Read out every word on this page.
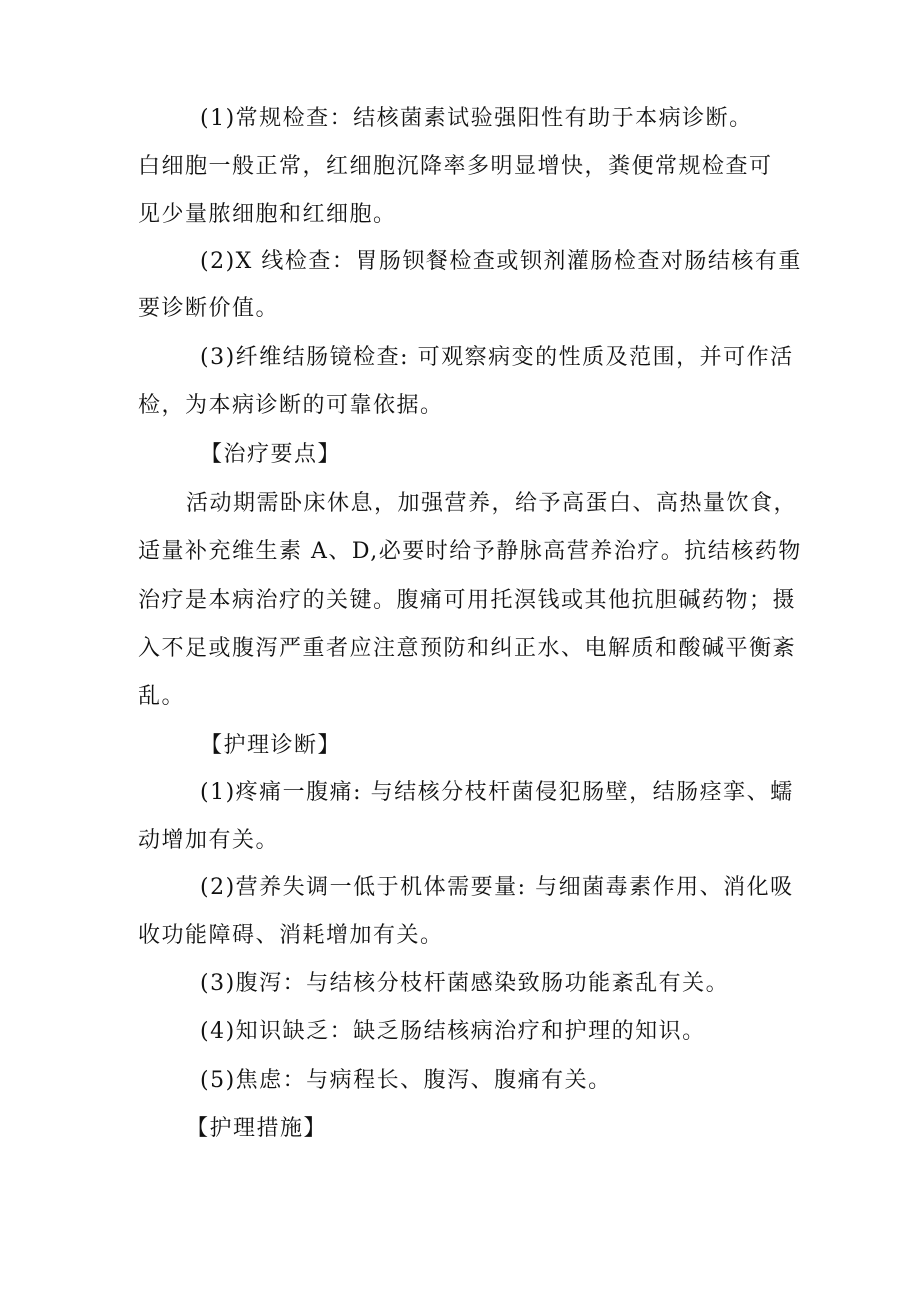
(1)常规检查：结核菌素试验强阳性有助于本病诊断。
白细胞一般正常，红细胞沉降率多明显增快，粪便常规检查可
见少量脓细胞和红细胞。
(2)X 线检查：胃肠钡餐检查或钡剂灌肠检查对肠结核有重
要诊断价值。
(3)纤维结肠镜检查: 可观察病变的性质及范围，并可作活
检，为本病诊断的可靠依据。
【治疗要点】
活动期需卧床休息，加强营养，给予高蛋白、高热量饮食，
适量补充维生素 A、D,必要时给予静脉高营养治疗。抗结核药物
治疗是本病治疗的关键。腹痛可用托溟钱或其他抗胆碱药物；摄
入不足或腹泻严重者应注意预防和纠正水、电解质和酸碱平衡紊
乱。
【护理诊断】
(1)疼痛一腹痛: 与结核分枝杆菌侵犯肠壁，结肠痉挛、蠕
动增加有关。
(2)营养失调一低于机体需要量: 与细菌毒素作用、消化吸
收功能障碍、消耗增加有关。
(3)腹泻：与结核分枝杆菌感染致肠功能紊乱有关。
(4)知识缺乏：缺乏肠结核病治疗和护理的知识。
(5)焦虑：与病程长、腹泻、腹痛有关。
【护理措施】
